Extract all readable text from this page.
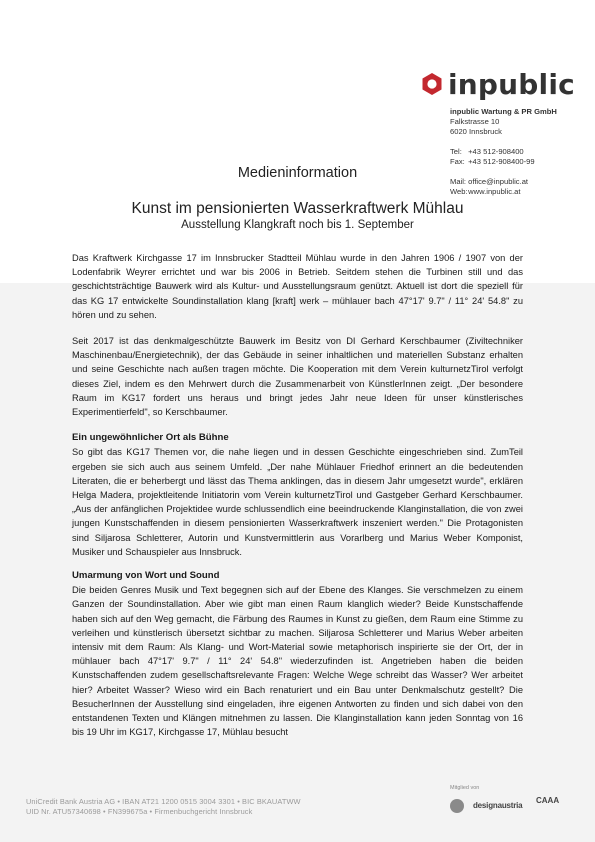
inpublic
inpublic Wartung & PR GmbH
Falkstrasse 10
6020 Innsbruck
Tel: +43 512-908400
Fax: +43 512-908400-99
Mail: office@inpublic.at
Web: www.inpublic.at
Medieninformation
Kunst im pensionierten Wasserkraftwerk Mühlau
Ausstellung Klangkraft noch bis 1. September

Das Kraftwerk Kirchgasse 17 im Innsbrucker Stadtteil Mühlau wurde in den Jahren 1906 / 1907 von der Lodenfabrik Weyrer errichtet und war bis 2006 in Betrieb. Seitdem stehen die Turbinen still und das geschichtsträchtige Bauwerk wird als Kultur- und Ausstellungsraum genützt. Aktuell ist dort die speziell für das KG 17 entwickelte Soundinstallation klang [kraft] werk – mühlauer bach 47°17' 9.7" / 11° 24' 54.8" zu hören und zu sehen.

Seit 2017 ist das denkmalgeschützte Bauwerk im Besitz von DI Gerhard Kerschbaumer (Ziviltechniker Maschinenbau/Energietechnik), der das Gebäude in seiner inhaltlichen und materiellen Substanz erhalten und seine Geschichte nach außen tragen möchte. Die Kooperation mit dem Verein kulturnetzTirol verfolgt dieses Ziel, indem es den Mehrwert durch die Zusammenarbeit von KünstlerInnen zeigt. „Der besondere Raum im KG17 fordert uns heraus und bringt jedes Jahr neue Ideen für unser künstlerisches Experimentierfeld", so Kerschbaumer.

Ein ungewöhnlicher Ort als Bühne

So gibt das KG17 Themen vor, die nahe liegen und in dessen Geschichte eingeschrieben sind. ZumTeil ergeben sie sich auch aus seinem Umfeld. „Der nahe Mühlauer Friedhof erinnert an die bedeutenden Literaten, die er beherbergt und lässt das Thema anklingen, das in diesem Jahr umgesetzt wurde", erklären Helga Madera, projektleitende Initiatorin vom Verein kulturnetzTirol und Gastgeber Gerhard Kerschbaumer. „Aus der anfänglichen Projektidee wurde schlussendlich eine beeindruckende Klanginstallation, die von zwei jungen Kunstschaffenden in diesem pensionierten Wasserkraftwerk inszeniert werden." Die Protagonisten sind Siljarosa Schletterer, Autorin und Kunstvermittlerin aus Vorarlberg und Marius Weber Komponist, Musiker und Schauspieler aus Innsbruck.

Umarmung von Wort und Sound

Die beiden Genres Musik und Text begegnen sich auf der Ebene des Klanges. Sie verschmelzen zu einem Ganzen der Soundinstallation. Aber wie gibt man einen Raum klanglich wieder? Beide Kunstschaffende haben sich auf den Weg gemacht, die Färbung des Raumes in Kunst zu gießen, dem Raum eine Stimme zu verleihen und künstlerisch übersetzt sichtbar zu machen. Siljarosa Schletterer und Marius Weber arbeiten intensiv mit dem Raum: Als Klang- und Wort-Material sowie metaphorisch inspirierte sie der Ort, der in mühlauer bach 47°17' 9.7" / 11° 24' 54.8" wiederzufinden ist. Angetrieben haben die beiden Kunstschaffenden zudem gesellschaftsrelevante Fragen: Welche Wege schreibt das Wasser? Wer arbeitet hier? Arbeitet Wasser? Wieso wird ein Bach renaturiert und ein Bau unter Denkmalschutz gestellt? Die BesucherInnen der Ausstellung sind eingeladen, ihre eigenen Antworten zu finden und sich dabei von den entstandenen Texten und Klängen mitnehmen zu lassen. Die Klanginstallation kann jeden Sonntag von 16 bis 19 Uhr im KG17, Kirchgasse 17, Mühlau besucht

UniCredit Bank Austria AG • IBAN AT21 1200 0515 3004 3301 • BIC BKAUATWW
UID Nr. ATU57340698 • FN399675a • Firmenbuchgericht Innsbruck
Mitglied von
designaustria
CAAA
